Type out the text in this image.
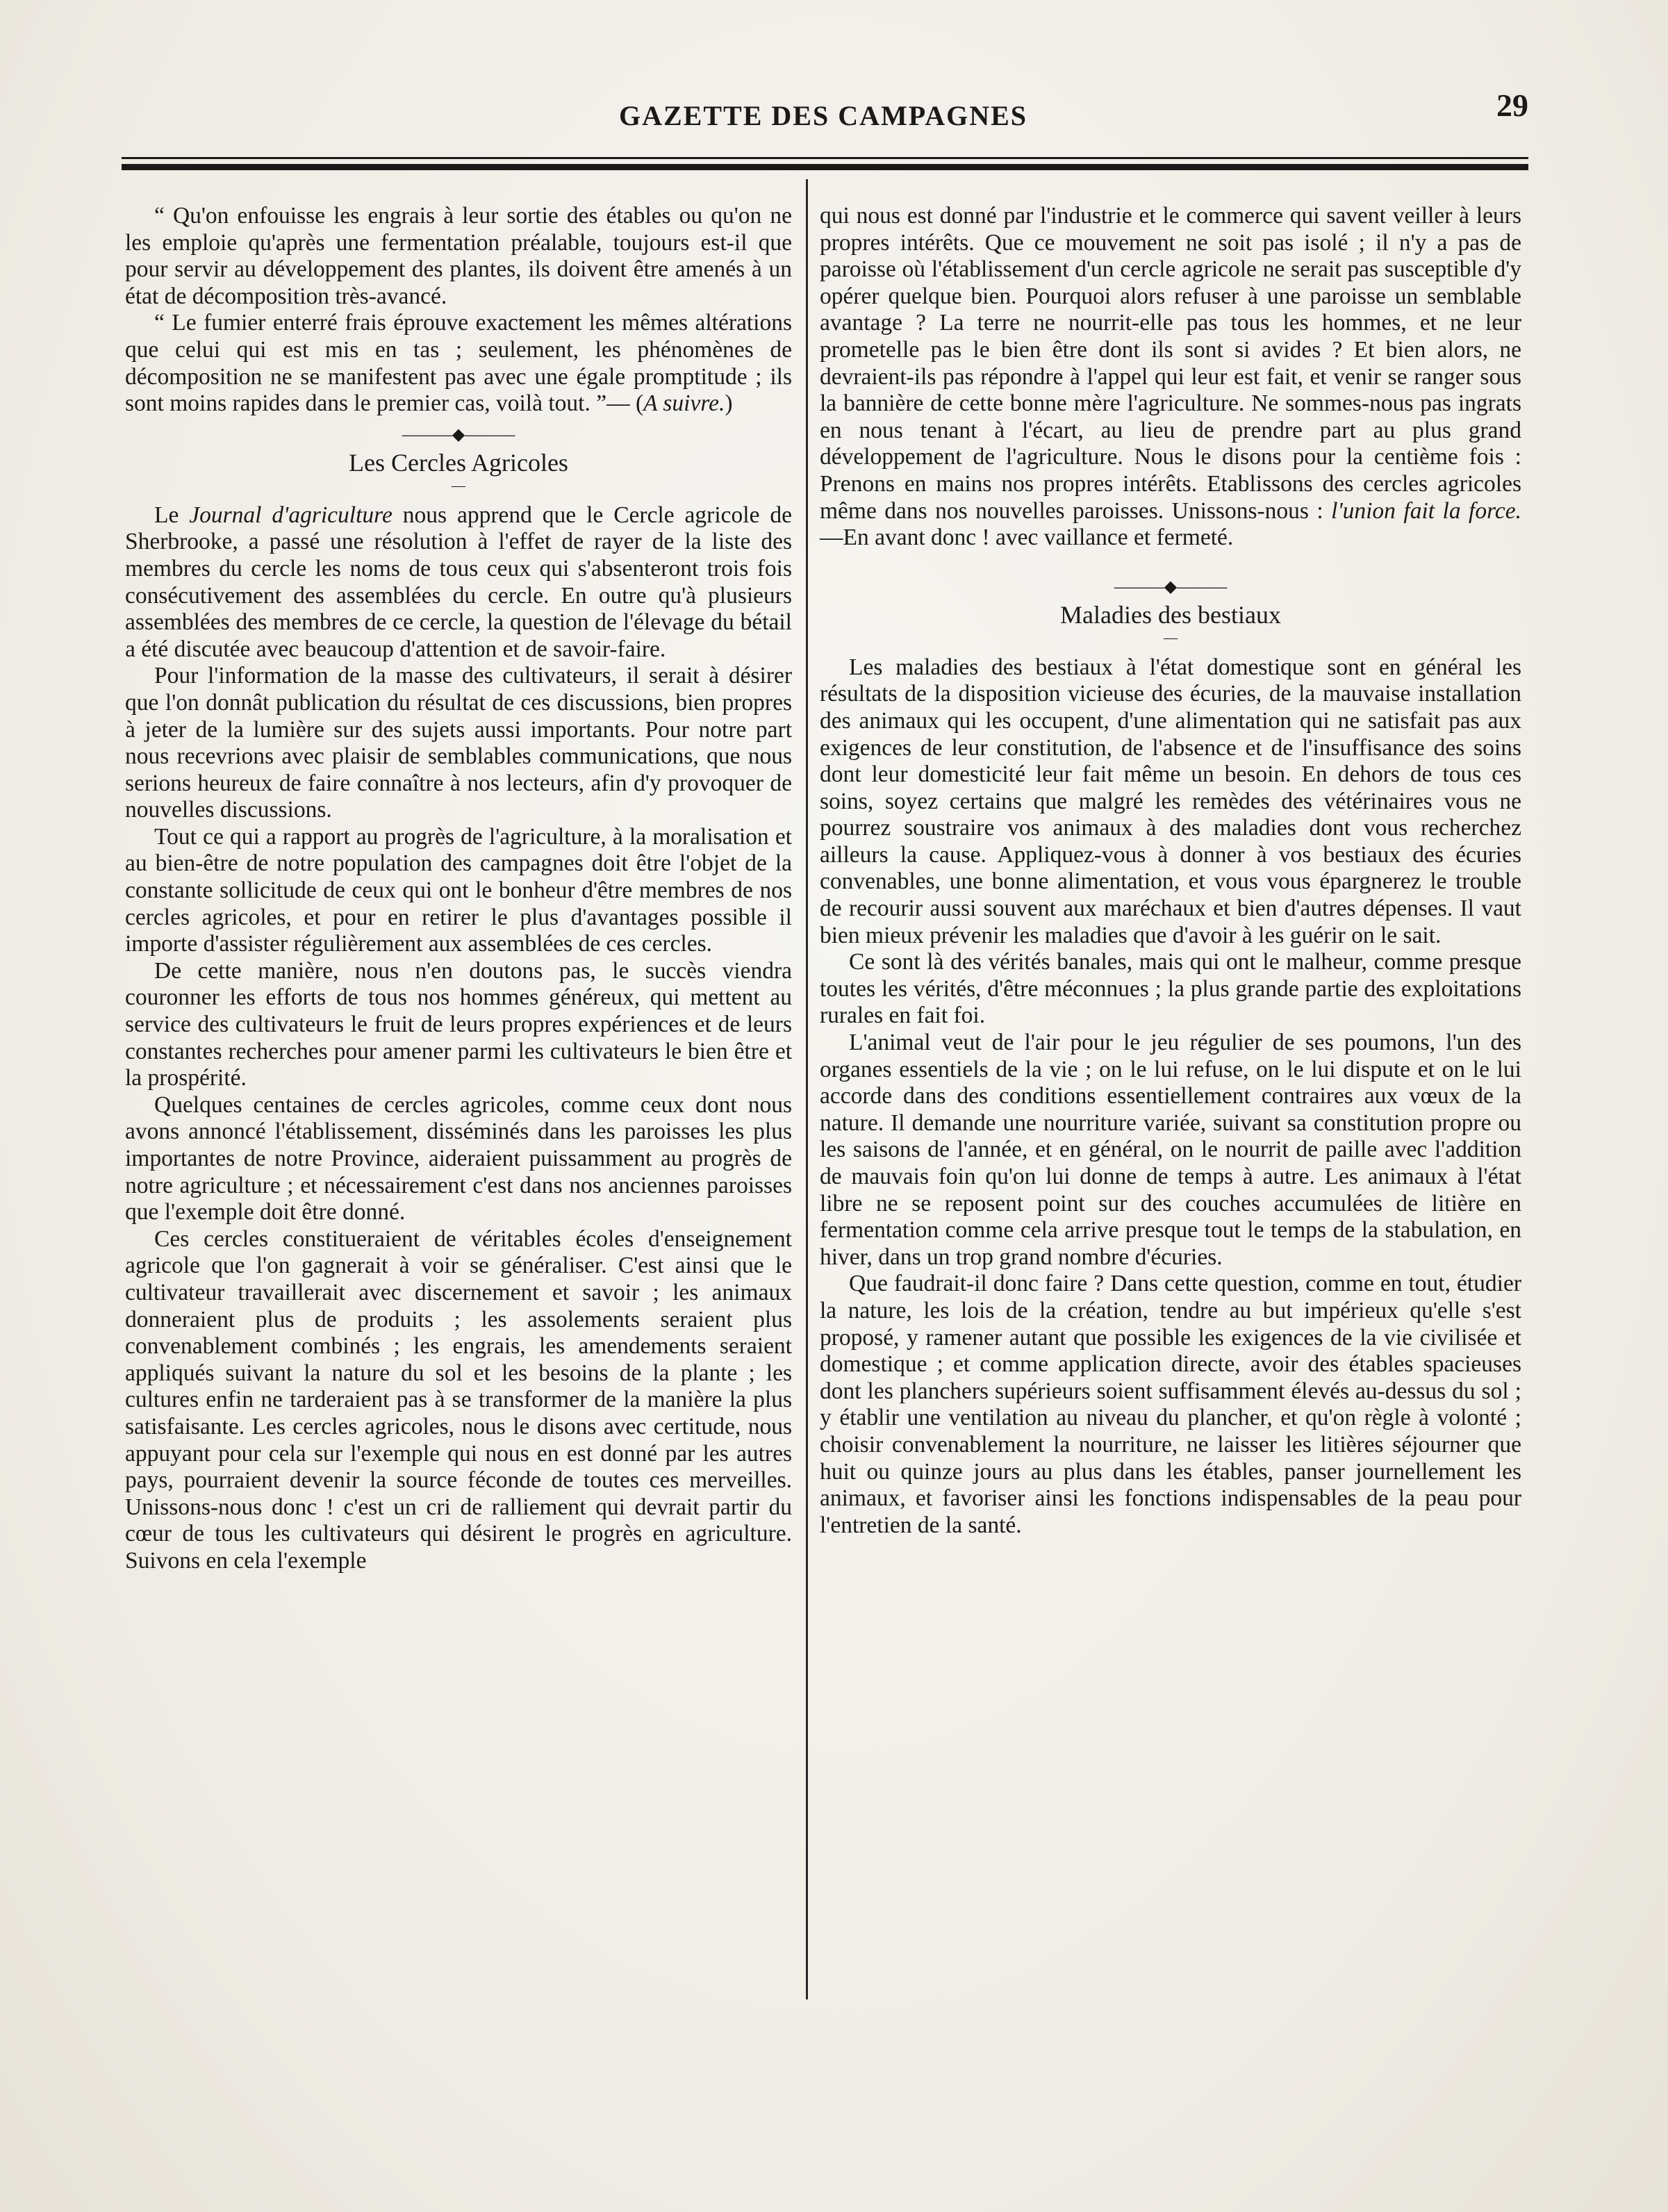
GAZETTE DES CAMPAGNES	29

“ Qu'on enfouisse les engrais à leur sortie des étables ou qu'on ne les emploie qu'après une fermentation préalable, toujours est-il que pour servir au développement des plantes, ils doivent être amenés à un état de décomposition très-avancé.

“ Le fumier enterré frais éprouve exactement les mêmes altérations que celui qui est mis en tas ; seulement, les phénomènes de décomposition ne se manifestent pas avec une égale promptitude ; ils sont moins rapides dans le premier cas, voilà tout. ”— (A suivre.)

———◆———
Les Cercles Agricoles
—

Le Journal d'agriculture nous apprend que le Cercle agricole de Sherbrooke, a passé une résolution à l'effet de rayer de la liste des membres du cercle les noms de tous ceux qui s'absenteront trois fois consécutivement des assemblées du cercle. En outre qu'à plusieurs assemblées des membres de ce cercle, la question de l'élevage du bétail a été discutée avec beaucoup d'attention et de savoir-faire.

Pour l'information de la masse des cultivateurs, il serait à désirer que l'on donnât publication du résultat de ces discussions, bien propres à jeter de la lumière sur des sujets aussi importants. Pour notre part nous recevrions avec plaisir de semblables communications, que nous serions heureux de faire connaître à nos lecteurs, afin d'y provoquer de nouvelles discussions.

Tout ce qui a rapport au progrès de l'agriculture, à la moralisation et au bien-être de notre population des campagnes doit être l'objet de la constante sollicitude de ceux qui ont le bonheur d'être membres de nos cercles agricoles, et pour en retirer le plus d'avantages possible il importe d'assister régulièrement aux assemblées de ces cercles.

De cette manière, nous n'en doutons pas, le succès viendra couronner les efforts de tous nos hommes généreux, qui mettent au service des cultivateurs le fruit de leurs propres expériences et de leurs constantes recherches pour amener parmi les cultivateurs le bien être et la prospérité.

Quelques centaines de cercles agricoles, comme ceux dont nous avons annoncé l'établissement, disséminés dans les paroisses les plus importantes de notre Province, aideraient puissamment au progrès de notre agriculture ; et nécessairement c'est dans nos anciennes paroisses que l'exemple doit être donné.

Ces cercles constitueraient de véritables écoles d'enseignement agricole que l'on gagnerait à voir se généraliser. C'est ainsi que le cultivateur travaillerait avec discernement et savoir ; les animaux donneraient plus de produits ; les assolements seraient plus convenablement combinés ; les engrais, les amendements seraient appliqués suivant la nature du sol et les besoins de la plante ; les cultures enfin ne tarderaient pas à se transformer de la manière la plus satisfaisante. Les cercles agricoles, nous le disons avec certitude, nous appuyant pour cela sur l'exemple qui nous en est donné par les autres pays, pourraient devenir la source féconde de toutes ces merveilles. Unissons-nous donc ! c'est un cri de ralliement qui devrait partir du cœur de tous les cultivateurs qui désirent le progrès en agriculture. Suivons en cela l'exemple

qui nous est donné par l'industrie et le commerce qui savent veiller à leurs propres intérêts. Que ce mouvement ne soit pas isolé ; il n'y a pas de paroisse où l'établissement d'un cercle agricole ne serait pas susceptible d'y opérer quelque bien. Pourquoi alors refuser à une paroisse un semblable avantage ? La terre ne nourrit-elle pas tous les hommes, et ne leur prometelle pas le bien être dont ils sont si avides ? Et bien alors, ne devraient-ils pas répondre à l'appel qui leur est fait, et venir se ranger sous la bannière de cette bonne mère l'agriculture. Ne sommes-nous pas ingrats en nous tenant à l'écart, au lieu de prendre part au plus grand développement de l'agriculture. Nous le disons pour la centième fois : Prenons en mains nos propres intérêts. Etablissons des cercles agricoles même dans nos nouvelles paroisses. Unissons-nous : l'union fait la force.—En avant donc ! avec vaillance et fermeté.

———◆———
Maladies des bestiaux
—

Les maladies des bestiaux à l'état domestique sont en général les résultats de la disposition vicieuse des écuries, de la mauvaise installation des animaux qui les occupent, d'une alimentation qui ne satisfait pas aux exigences de leur constitution, de l'absence et de l'insuffisance des soins dont leur domesticité leur fait même un besoin. En dehors de tous ces soins, soyez certains que malgré les remèdes des vétérinaires vous ne pourrez soustraire vos animaux à des maladies dont vous recherchez ailleurs la cause. Appliquez-vous à donner à vos bestiaux des écuries convenables, une bonne alimentation, et vous vous épargnerez le trouble de recourir aussi souvent aux maréchaux et bien d'autres dépenses. Il vaut bien mieux prévenir les maladies que d'avoir à les guérir on le sait.

Ce sont là des vérités banales, mais qui ont le malheur, comme presque toutes les vérités, d'être méconnues ; la plus grande partie des exploitations rurales en fait foi.

L'animal veut de l'air pour le jeu régulier de ses poumons, l'un des organes essentiels de la vie ; on le lui refuse, on le lui dispute et on le lui accorde dans des conditions essentiellement contraires aux vœux de la nature. Il demande une nourriture variée, suivant sa constitution propre ou les saisons de l'année, et en général, on le nourrit de paille avec l'addition de mauvais foin qu'on lui donne de temps à autre. Les animaux à l'état libre ne se reposent point sur des couches accumulées de litière en fermentation comme cela arrive presque tout le temps de la stabulation, en hiver, dans un trop grand nombre d'écuries.

Que faudrait-il donc faire ? Dans cette question, comme en tout, étudier la nature, les lois de la création, tendre au but impérieux qu'elle s'est proposé, y ramener autant que possible les exigences de la vie civilisée et domestique ; et comme application directe, avoir des étables spacieuses dont les planchers supérieurs soient suffisamment élevés au-dessus du sol ; y établir une ventilation au niveau du plancher, et qu'on règle à volonté ; choisir convenablement la nourriture, ne laisser les litières séjourner que huit ou quinze jours au plus dans les étables, panser journellement les animaux, et favoriser ainsi les fonctions indispensables de la peau pour l'entretien de la santé.
